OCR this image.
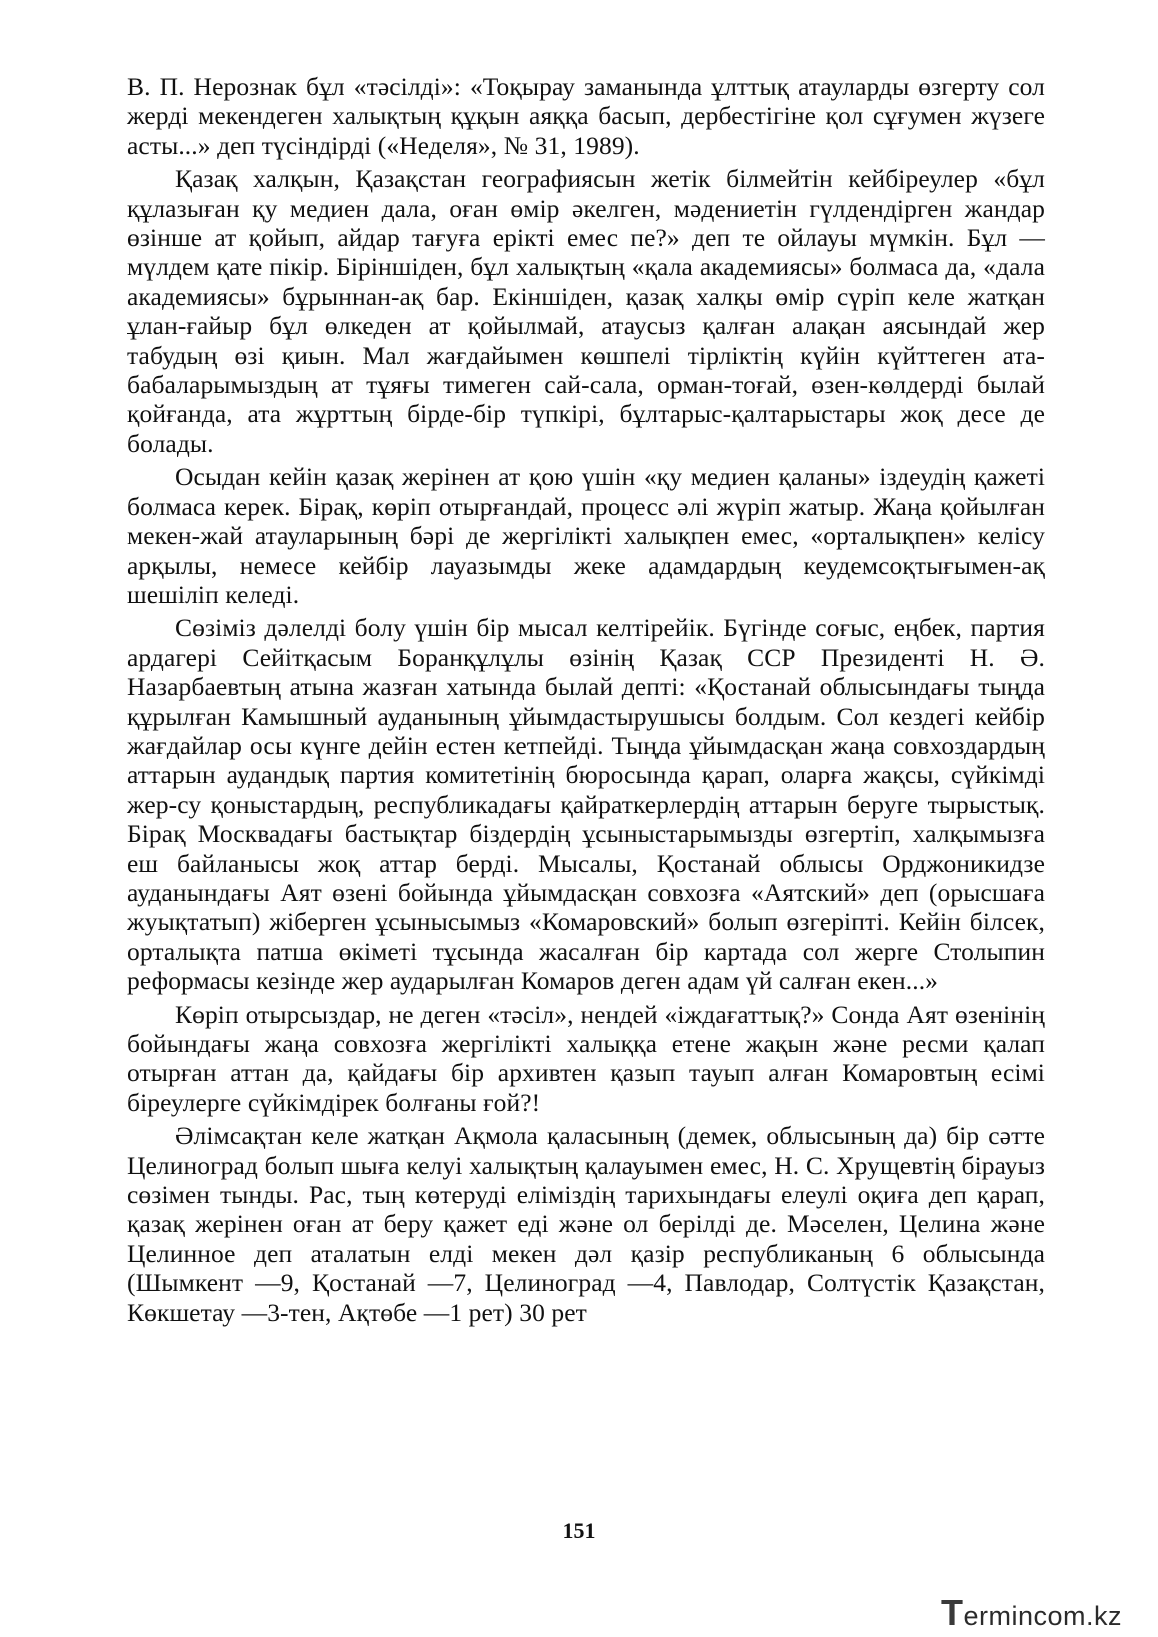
В. П. Нерознак бұл «тәсілді»: «Тоқырау заманында ұлттық атауларды өзгерту сол жерді мекендеген халықтың құқын аяққа басып, дербестігіне қол сұғумен жүзеге асты...» деп түсіндірді («Неделя», № 31, 1989).

Қазақ халқын, Қазақстан географиясын жетік білмейтін кейбіреулер «бұл құлазыған қу медиен дала, оған өмір әкелген, мәдениетін гүлдендірген жандар өзінше ат қойып, айдар тағуға ерікті емес пе?» деп те ойлауы мүмкін. Бұл — мүлдем қате пікір. Біріншіден, бұл халықтың «қала академиясы» болмаса да, «дала академиясы» бұрыннан-ақ бар. Екіншіден, қазақ халқы өмір сүріп келе жатқан ұлан-ғайыр бұл өлкеден ат қойылмай, атаусыз қалған алақан аясындай жер табудың өзі қиын. Мал жағдайымен көшпелі тірліктің күйін күйттеген ата-бабаларымыздың ат тұяғы тимеген сай-сала, орман-тоғай, өзен-көлдерді былай қойғанда, ата жұрттың бірде-бір түпкірі, бұлтарыс-қалтарыстары жоқ десе де болады.

Осыдан кейін қазақ жерінен ат қою үшін «қу медиен қаланы» іздеудің қажеті болмаса керек. Бірақ, көріп отырғандай, процесс әлі жүріп жатыр. Жаңа қойылған мекен-жай атауларының бәрі де жергілікті халықпен емес, «орталықпен» келісу арқылы, немесе кейбір лауазымды жеке адамдардың кеудемсоқтығымен-ақ шешіліп келеді.

Сөзіміз дәлелді болу үшін бір мысал келтірейік. Бүгінде соғыс, еңбек, партия ардагері Сейітқасым Боранқұлұлы өзінің Қазақ ССР Президенті Н. Ә. Назарбаевтың атына жазған хатында былай депті: «Қостанай облысындағы тыңда құрылған Камышный ауданының ұйымдастырушысы болдым. Сол кездегі кейбір жағдайлар осы күнге дейін естен кетпейді. Тыңда ұйымдасқан жаңа совхоздардың аттарын аудандық партия комитетінің бюросында қарап, оларға жақсы, сүйкімді жер-су қоныстардың, республикадағы қайраткерлердің аттарын беруге тырыстық. Бірақ Москвадағы бастықтар біздердің ұсыныстарымызды өзгертіп, халқымызға еш байланысы жоқ аттар берді. Мысалы, Қостанай облысы Орджоникидзе ауданындағы Аят өзені бойында ұйымдасқан совхозға «Аятский» деп (орысшаға жуықтатып) жіберген ұсынысымыз «Комаровский» болып өзгеріпті. Кейін білсек, орталықта патша өкіметі тұсында жасалған бір картада сол жерге Столыпин реформасы кезінде жер аударылған Комаров деген адам үй салған екен...»

Көріп отырсыздар, не деген «тәсіл», нендей «іждағаттық?» Сонда Аят өзенінің бойындағы жаңа совхозға жергілікті халыққа етене жақын және ресми қалап отырған аттан да, қайдағы бір архивтен қазып тауып алған Комаровтың есімі біреулерге сүйкімдірек болғаны ғой?!

Әлімсақтан келе жатқан Ақмола қаласының (демек, облысының да) бір сәтте Целиноград болып шыға келуі халықтың қалауымен емес, Н. С. Хрущевтің бірауыз сөзімен тынды. Рас, тың көтеруді еліміздің тарихындағы елеулі оқиға деп қарап, қазақ жерінен оған ат беру қажет еді және ол берілді де. Мәселен, Целина және Целинное деп аталатын елді мекен дәл қазір республиканың 6 облысында (Шымкент —9, Қостанай —7, Целиноград —4, Павлодар, Солтүстік Қазақстан, Көкшетау —3-тен, Ақтөбе —1 рет) 30 рет

151
Termincom.kz
